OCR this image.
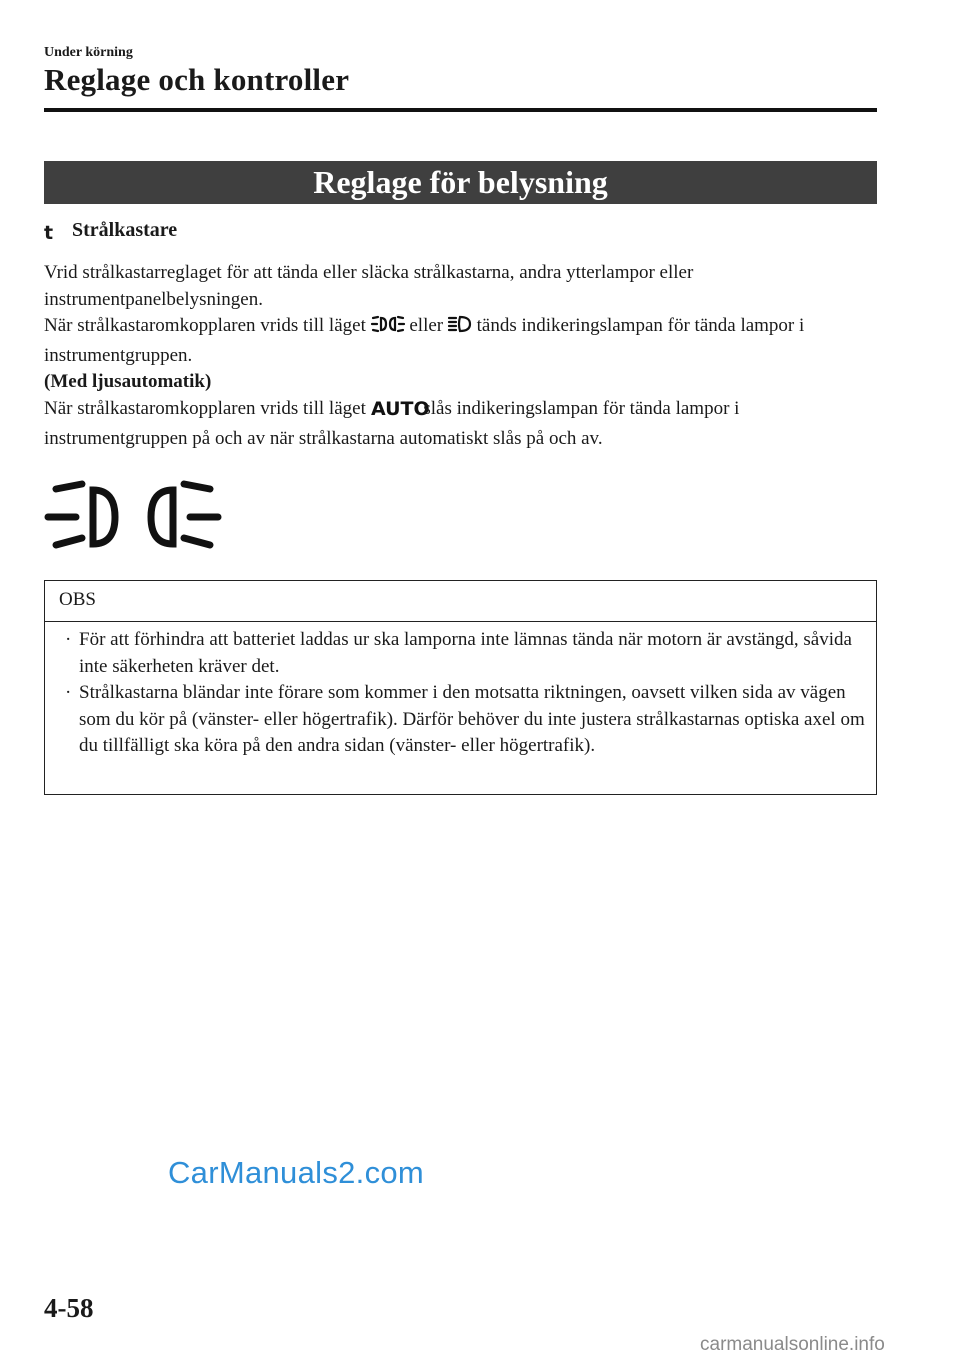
Under körning
Reglage och kontroller
Reglage för belysning
t Strålkastare

Vrid strålkastarreglaget för att tända eller släcka strålkastarna, andra ytterlampor eller instrumentpanelbelysningen.

När strålkastaromkopplaren vrids till läget eller tänds indikeringslampan för tända lampor i instrumentgruppen.

(Med ljusautomatik)

När strålkastaromkopplaren vrids till läget AUTO
slås indikeringslampan för tända lampor i instrumentgruppen på och av när strålkastarna automatiskt slås på och av.

OBS
· För att förhindra att batteriet laddas ur ska lamporna inte lämnas tända när motorn är avstängd, såvida inte säkerheten kräver det.
· Strålkastarna bländar inte förare som kommer i den motsatta riktningen, oavsett vilken sida av vägen som du kör på (vänster- eller högertrafik). Därför behöver du inte justera strålkastarnas optiska axel om du tillfälligt ska köra på den andra sidan (vänster- eller högertrafik).
CarManuals2.com
4-58
carmanualsonline.info
